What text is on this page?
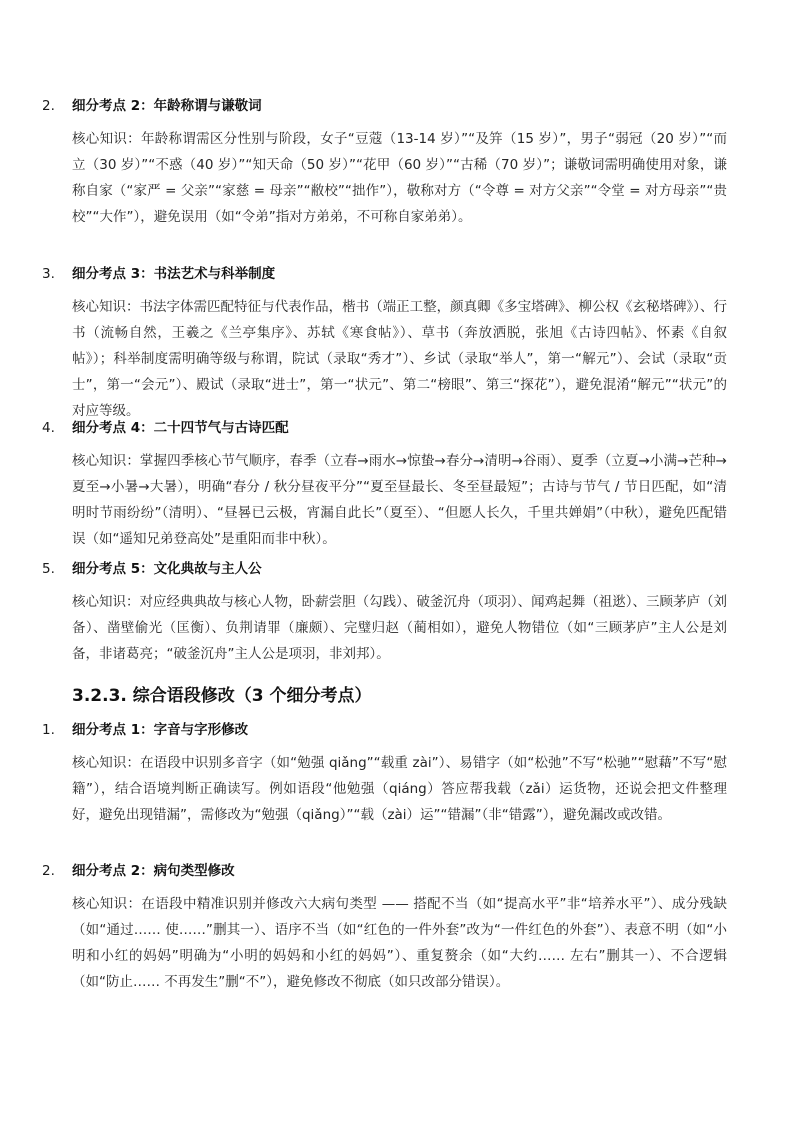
2.	细分考点 2：年龄称谓与谦敬词
核心知识：年龄称谓需区分性别与阶段，女子“豆蔻（13-14 岁）”“及笄（15 岁）”，男子“弱冠（20 岁）”“而立（30 岁）”“不惑（40 岁）”“知天命（50 岁）”“花甲（60 岁）”“古稀（70 岁）”；谦敬词需明确使用对象，谦称自家（“家严 = 父亲”“家慈 = 母亲”“敝校”“拙作”），敬称对方（“令尊 = 对方父亲”“令堂 = 对方母亲”“贵校”“大作”），避免误用（如“令弟”指对方弟弟，不可称自家弟弟）。
3.	细分考点 3：书法艺术与科举制度
核心知识：书法字体需匹配特征与代表作品，楷书（端正工整，颜真卿《多宝塔碑》、柳公权《玄秘塔碑》）、行书（流畅自然，王羲之《兰亭集序》、苏轼《寒食帖》）、草书（奔放洒脱，张旭《古诗四帖》、怀素《自叙帖》）；科举制度需明确等级与称谓，院试（录取“秀才”）、乡试（录取“举人”，第一“解元”）、会试（录取“贡士”，第一“会元”）、殿试（录取“进士”，第一“状元”、第二“榜眼”、第三“探花”），避免混淆“解元”“状元”的对应等级。
4.	细分考点 4：二十四节气与古诗匹配
核心知识：掌握四季核心节气顺序，春季（立春→雨水→惊蛰→春分→清明→谷雨）、夏季（立夏→小满→芒种→夏至→小暑→大暑），明确“春分 / 秋分昼夜平分”“夏至昼最长、冬至昼最短”；古诗与节气 / 节日匹配，如“清明时节雨纷纷”（清明）、“昼晷已云极，宵漏自此长”（夏至）、“但愿人长久，千里共婵娟”（中秋），避免匹配错误（如“遥知兄弟登高处”是重阳而非中秋）。
5.	细分考点 5：文化典故与主人公
核心知识：对应经典典故与核心人物，卧薪尝胆（勾践）、破釜沉舟（项羽）、闻鸡起舞（祖逖）、三顾茅庐（刘备）、凿壁偷光（匡衡）、负荆请罪（廉颇）、完璧归赵（蔺相如），避免人物错位（如“三顾茅庐”主人公是刘备，非诸葛亮；“破釜沉舟”主人公是项羽，非刘邦）。
3.2.3. 综合语段修改（3 个细分考点）
1.	细分考点 1：字音与字形修改
核心知识：在语段中识别多音字（如“勉强 qiǎng”“载重 zài”）、易错字（如“松弛”不写“松驰”“慰藉”不写“慰籍”），结合语境判断正确读写。例如语段“他勉强（qiáng）答应帮我载（zǎi）运货物，还说会把文件整理好，避免出现错漏”，需修改为“勉强（qiǎng）”“载（zài）运”“错漏”（非“错露”），避免漏改或改错。
2.	细分考点 2：病句类型修改
核心知识：在语段中精准识别并修改六大病句类型 —— 搭配不当（如“提高水平”非“培养水平”）、成分残缺（如“通过…… 使……”删其一）、语序不当（如“红色的一件外套”改为“一件红色的外套”）、表意不明（如“小明和小红的妈妈”明确为“小明的妈妈和小红的妈妈”）、重复赘余（如“大约…… 左右”删其一）、不合逻辑（如“防止…… 不再发生”删“不”），避免修改不彻底（如只改部分错误）。
